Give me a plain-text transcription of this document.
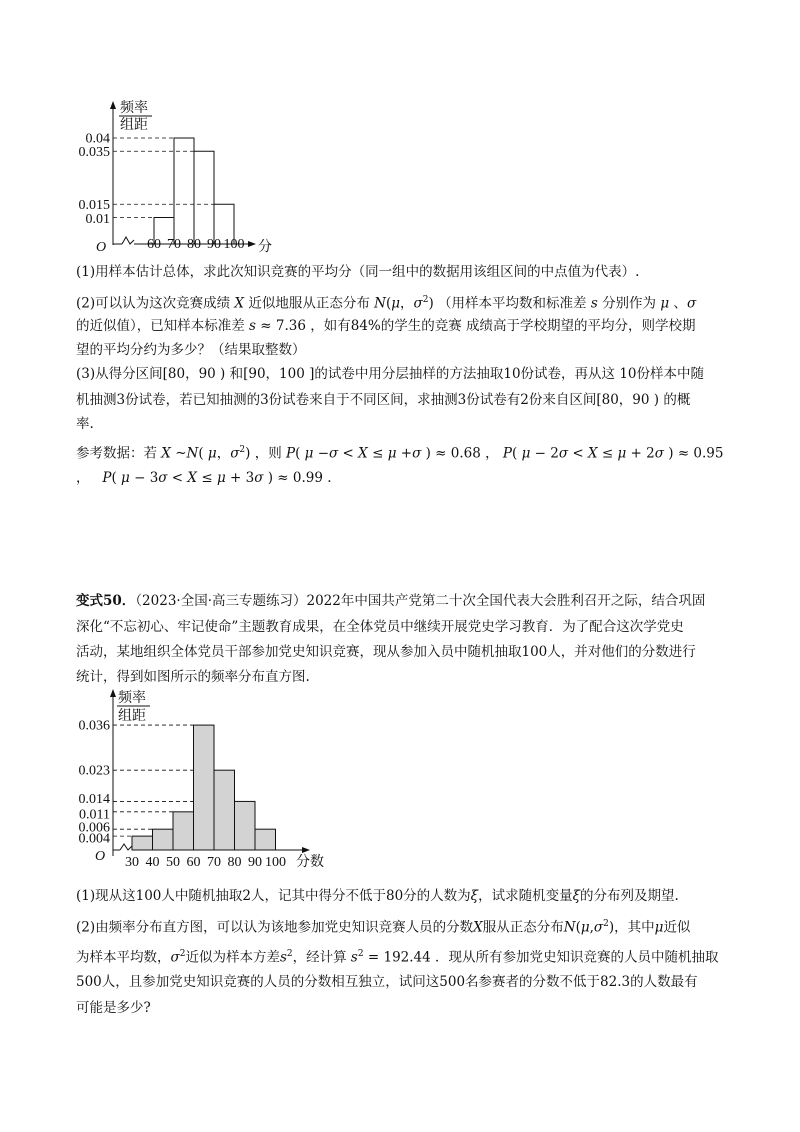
频率
组距
0.04
0.035
0.015
0.01
60 70 80 90 100
O	分

(1)用样本估计总体，求此次知识竞赛的平均分（同一组中的数据用该组区间的中点值为代表）.

(2)可以认为这次竞赛成绩 X 近似地服从正态分布 N(μ，$\sigma^2$) （用样本平均数和标准差 s 分别作为 μ 、σ

的近似值），已知样本标准差 s ≈ 7.36 ，如有84%的学生的竞赛 成绩高于学校期望的平均分，则学校期

望的平均分约为多少？（结果取整数）

(3)从得分区间[80，90 ) 和[90，100 ]的试卷中用分层抽样的方法抽取10份试卷，再从这 10份样本中随

机抽测3份试卷，若已知抽测的3份试卷来自于不同区间，求抽测3份试卷有2份来自区间[80，90 ) 的概

率.

参考数据：若 X ~N( μ，$\sigma^2$) ，则 P( μ −σ < X ≤ μ +σ ) ≈ 0.68 ， P( μ − 2σ < X ≤ μ + 2σ ) ≈ 0.95

， P( μ − 3σ < X ≤ μ + 3σ ) ≈ 0.99 .

变式50．（2023·全国·高三专题练习）2022年中国共产党第二十次全国代表大会胜利召开之际，结合巩固

深化“不忘初心、牢记使命”主题教育成果，在全体党员中继续开展党史学习教育．为了配合这次学党史

活动，某地组织全体党员干部参加党史知识竞赛，现从参加入员中随机抽取100人，并对他们的分数进行

统计，得到如图所示的频率分布直方图.

频率
组距
0.036
0.023
0.014
0.011
0.006
0.004
30 40 50 60 70 80 90 100
O	分数

(1)现从这100人中随机抽取2人，记其中得分不低于80分的人数为ξ，试求随机变量ξ的分布列及期望.

(2)由频率分布直方图，可以认为该地参加党史知识竞赛人员的分数X服从正态分布$N(\mu,\sigma^2)$，其中μ近似

为样本平均数，$\sigma^2$近似为样本方差$s^2$，经计算 $s^2 = 192.44$ ．现从所有参加党史知识竞赛的人员中随机抽取

500人，且参加党史知识竞赛的人员的分数相互独立，试问这500名参赛者的分数不低于82.3的人数最有

可能是多少?
